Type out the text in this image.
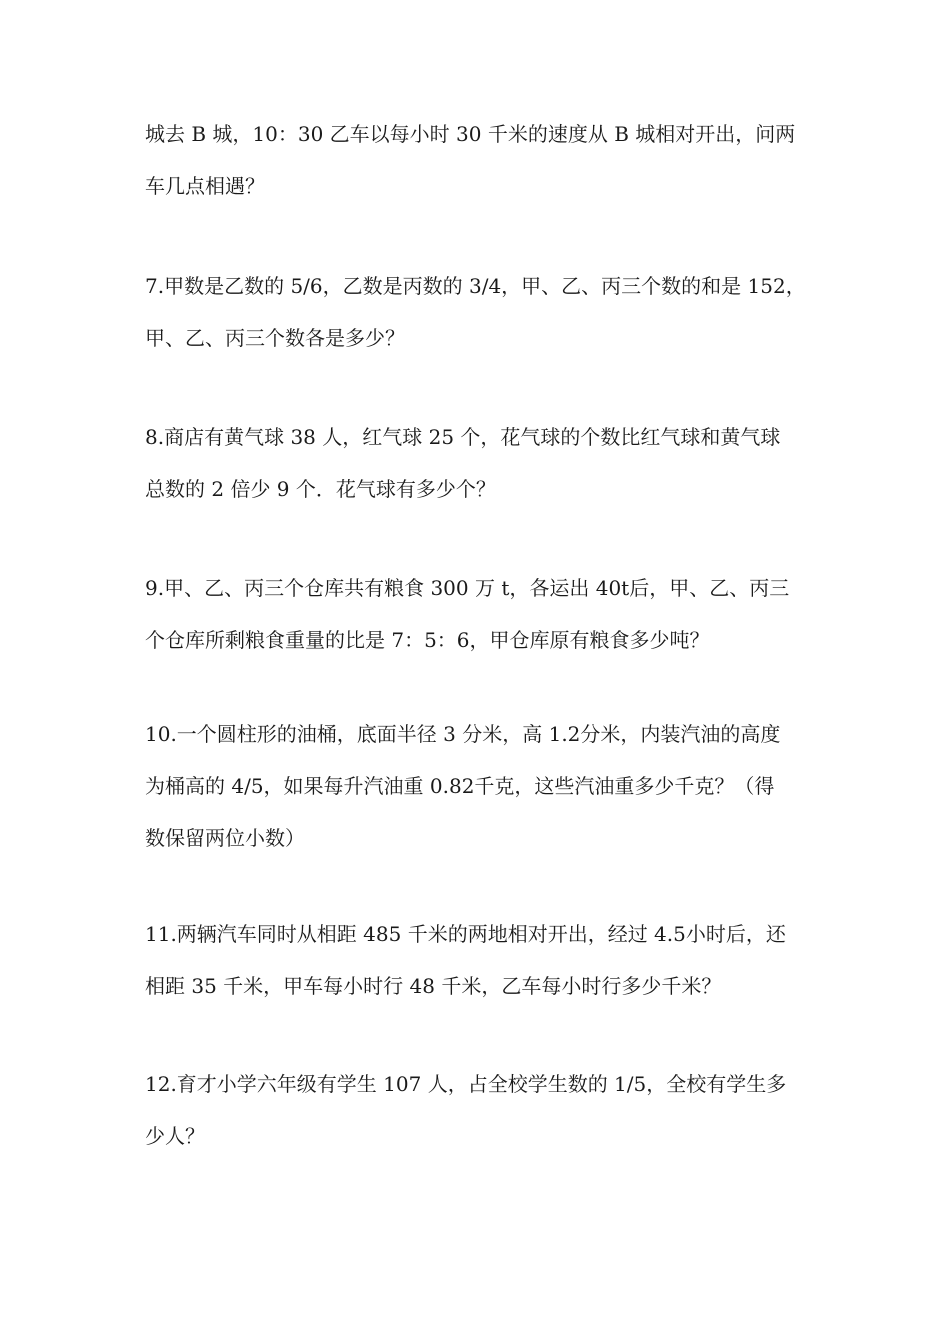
城去 B 城，10：30 乙车以每小时 30 千米的速度从 B 城相对开出，问两
车几点相遇？
7.甲数是乙数的 5/6，乙数是丙数的 3/4，甲、乙、丙三个数的和是 152，
甲、乙、丙三个数各是多少？
8.商店有黄气球 38 人，红气球 25 个，花气球的个数比红气球和黄气球
总数的 2 倍少 9 个．花气球有多少个？
9.甲、乙、丙三个仓库共有粮食 300 万 t，各运出 40t后，甲、乙、丙三
个仓库所剩粮食重量的比是 7：5：6，甲仓库原有粮食多少吨？
10.一个圆柱形的油桶，底面半径 3 分米，高 1.2分米，内装汽油的高度
为桶高的 4/5，如果每升汽油重 0.82千克，这些汽油重多少千克？（得
数保留两位小数）
11.两辆汽车同时从相距 485 千米的两地相对开出，经过 4.5小时后，还
相距 35 千米，甲车每小时行 48 千米，乙车每小时行多少千米？
12.育才小学六年级有学生 107 人，占全校学生数的 1/5，全校有学生多
少人？
